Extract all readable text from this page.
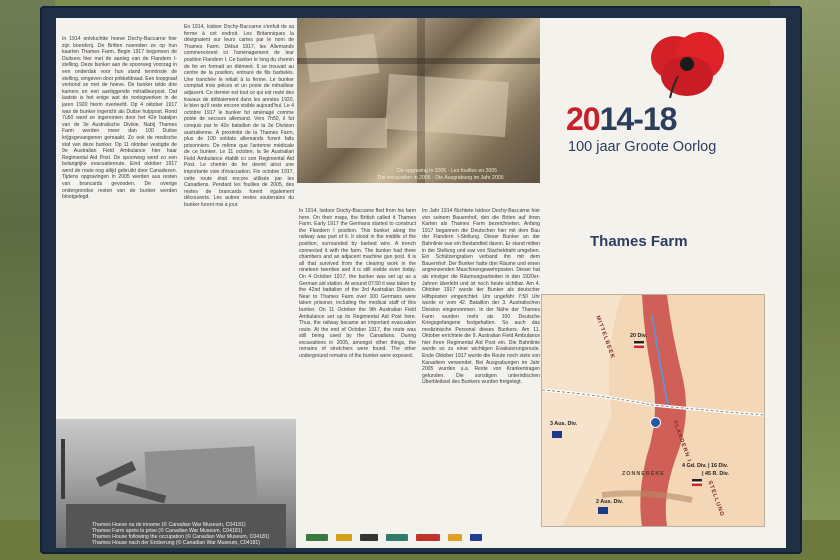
In 1914 ontvluchtte hoeve Dochy-Baccarne hier zijn boerderij. De Britten noemden ze op hun kaarten Thames Farm. Begin 1917 begonnen de Duitsers hier met de aanleg van de Flandern I-stelling. Deze bunker aan de spoorweg voorzag in een onderdak voor hun stand tenminste de stelling, omgeven door prikkeldraad. Een loopgraaf verbond ze met de hoeve. De bunker telde drie kamers en een aanliggende mitrailleurpost. Dat laatste is het enige wat de oorlogwerken in de jaren 1920 hierin overleefd. Op 4 oktober 1917 was de bunker ingericht als Duitse hulppost. Rond 7u50 werd ze ingenomen door het 42e bataljon van de 3e Australische Divisie. Nabij Thames Farm werden meer dan 100 Duitse krijgsgevangenen gemaakt. Zo ook de medische staf van deze bunker. Op 11 oktober vestigde de 9e Australian Field Ambulance hier haar Regimental Aid Post. De spoorweg werd zo een belangrijke evacuatieroute. Eind oktober 1917 werd de route nog altijd gebruikt door Canadezen. Tijdens opgravingen in 2005 werden aus resten van brancards gevonden. De overige ondergrondse resten van de bunker werden blootgelegd.

En 1914, Isidoor Dochy-Baccarne s'enfuit de sa ferme à cet endroit. Les Britanniques la désignaient sur leurs cartes par le nom de Thames Farm. Début 1917, les Allemands commencèrent ici l'aménagement de leur position Flandern I. Ce bunker le long du chemin de fer en formait un élément. Il se trouvait au centre de la position, entouré de fils barbelés. Une tranchée le reliait à la ferme. Le bunker comptait trois pièces et un poste de mitrailleur adjacent. Ce dernier est tout ce qui est resté des travaux de déblaiement dans les années 1920, le bien qu'il reste encore visible aujourd'hui. Le 4 octobre 1917 le bunker fut aménagé comme poste de secours allemand. Vers 7h50, il fut conquis par le 42e bataillon de la 3e Division australienne. À proximité de la Thames Farm, plus de 100 soldats allemands furent faits prisonniers. De même que l'antenne médicale de ce bunker. Le 11 octobre, la 9e Australian Field Ambulance établit ici son Regimental Aid Post. Le chemin de fer devint ainsi une importante voie d'évacuation. Fin octobre 1917, cette route était encore utilisée par les Canadiens. Pendant les fouilles de 2005, des restes de brancards furent également découverts. Les autres restes souterrains du bunker furent mis à jour.

De opgraving in 2005 - Les fouilles en 2005
The excavation in 2005 - Die Ausgrabung im Jahr 2005

In 1914, Isidoor Dochy-Baccarne fled from his farm here. On their maps, the British called it Thames Farm. Early 1917 the Germans started to construct the Flandern I position. This bunker along the railway was part of it. It stood in the middle of the position, surrounded by barbed wire. A trench connected it with the farm. The bunker had three chambers and an adjacent machine gun post. It is all that survived from the clearing work in the nineteen twenties and it is still visible even today. On 4 October 1917, the bunker was set up as a German aid station. At around 07:50 it was taken by the 42nd battalion of the 3rd Australian Division. Near to Thames Farm over 100 Germans were taken prisoner, including the medical staff of this bunker. On 11 October the 9th Australian Field Ambulance set up its Regimental Aid Post here. Thus, the railway became an important evacuation route. At the end of October 1917, the route was still being used by the Canadians. During excavations in 2005, amongst other things, the remains of stretchers were found. The other underground remains of the bunker were exposed.

Im Jahr 1914 flüchtete Isidoor Dochy-Baccarne hier von seinem Bauernhof, den die Briten auf ihren Karten als Thames Farm bezeichneten. Anfang 1917 begannen die Deutschen hier mit dem Bau der Flandern I-Stellung. Dieser Bunker an der Bahnlinie war ein Bestandteil davon. Er stand mitten in der Stellung und war von Stacheldraht umgeben. Ein Schützengraben verband ihn mit dem Bauernhof. Der Bunker hatte drei Räume und einen angrenzenden Maschinengewehrposten. Dieser hat als einziger die Räumungsarbeiten in den 1920er-Jahren überlebt und ist noch heute sichtbar. Am 4. Oktober 1917 wurde der Bunker als deutscher Hilfsposten eingerichtet. Um ungefähr 7:50 Uhr wurde er vom 42. Bataillon der 3. Australischen Division eingenommen. In der Nähe der Thames Farm wurden mehr als 100 Deutsche Kriegsgefangene festgehalten. So auch das medizinische Personal dieses Bunkers. Am 11. Oktober errichtete die 9. Australian Field Ambulance hier ihren Regimental Aid Post ein. Die Bahnlinie wurde so zu einer wichtigen Evakuierungsroute. Ende Oktober 1917 wurde die Route noch stets von Kanadiern verwendet. Bei Ausgrabungen im Jahr 2005 wurden u.a. Reste von Krankentragen gefunden. Die sonstigen unterirdischen Überbleibsel des Bunkers wurden freigelegt.

2014-18
100 jaar Groote Oorlog
Thames Farm
MITTELBEEK
FLANDERN I
STELLUNG
20 Div.
3 Aus. Div.
4 Gd. Div. | 16 Div.
| 45 R. Div.
ZONNEBEKE
2 Aus. Div.
Thames Hoeve na de inname (© Canadian War Museum, C04181)
Thames Farm après la prise (© Canadian War Museum, C04181)
Thames House following the occupation (© Canadian War Museum, C04181)
Thames House nach der Eroberung (© Canadian War Museum, C04181)
